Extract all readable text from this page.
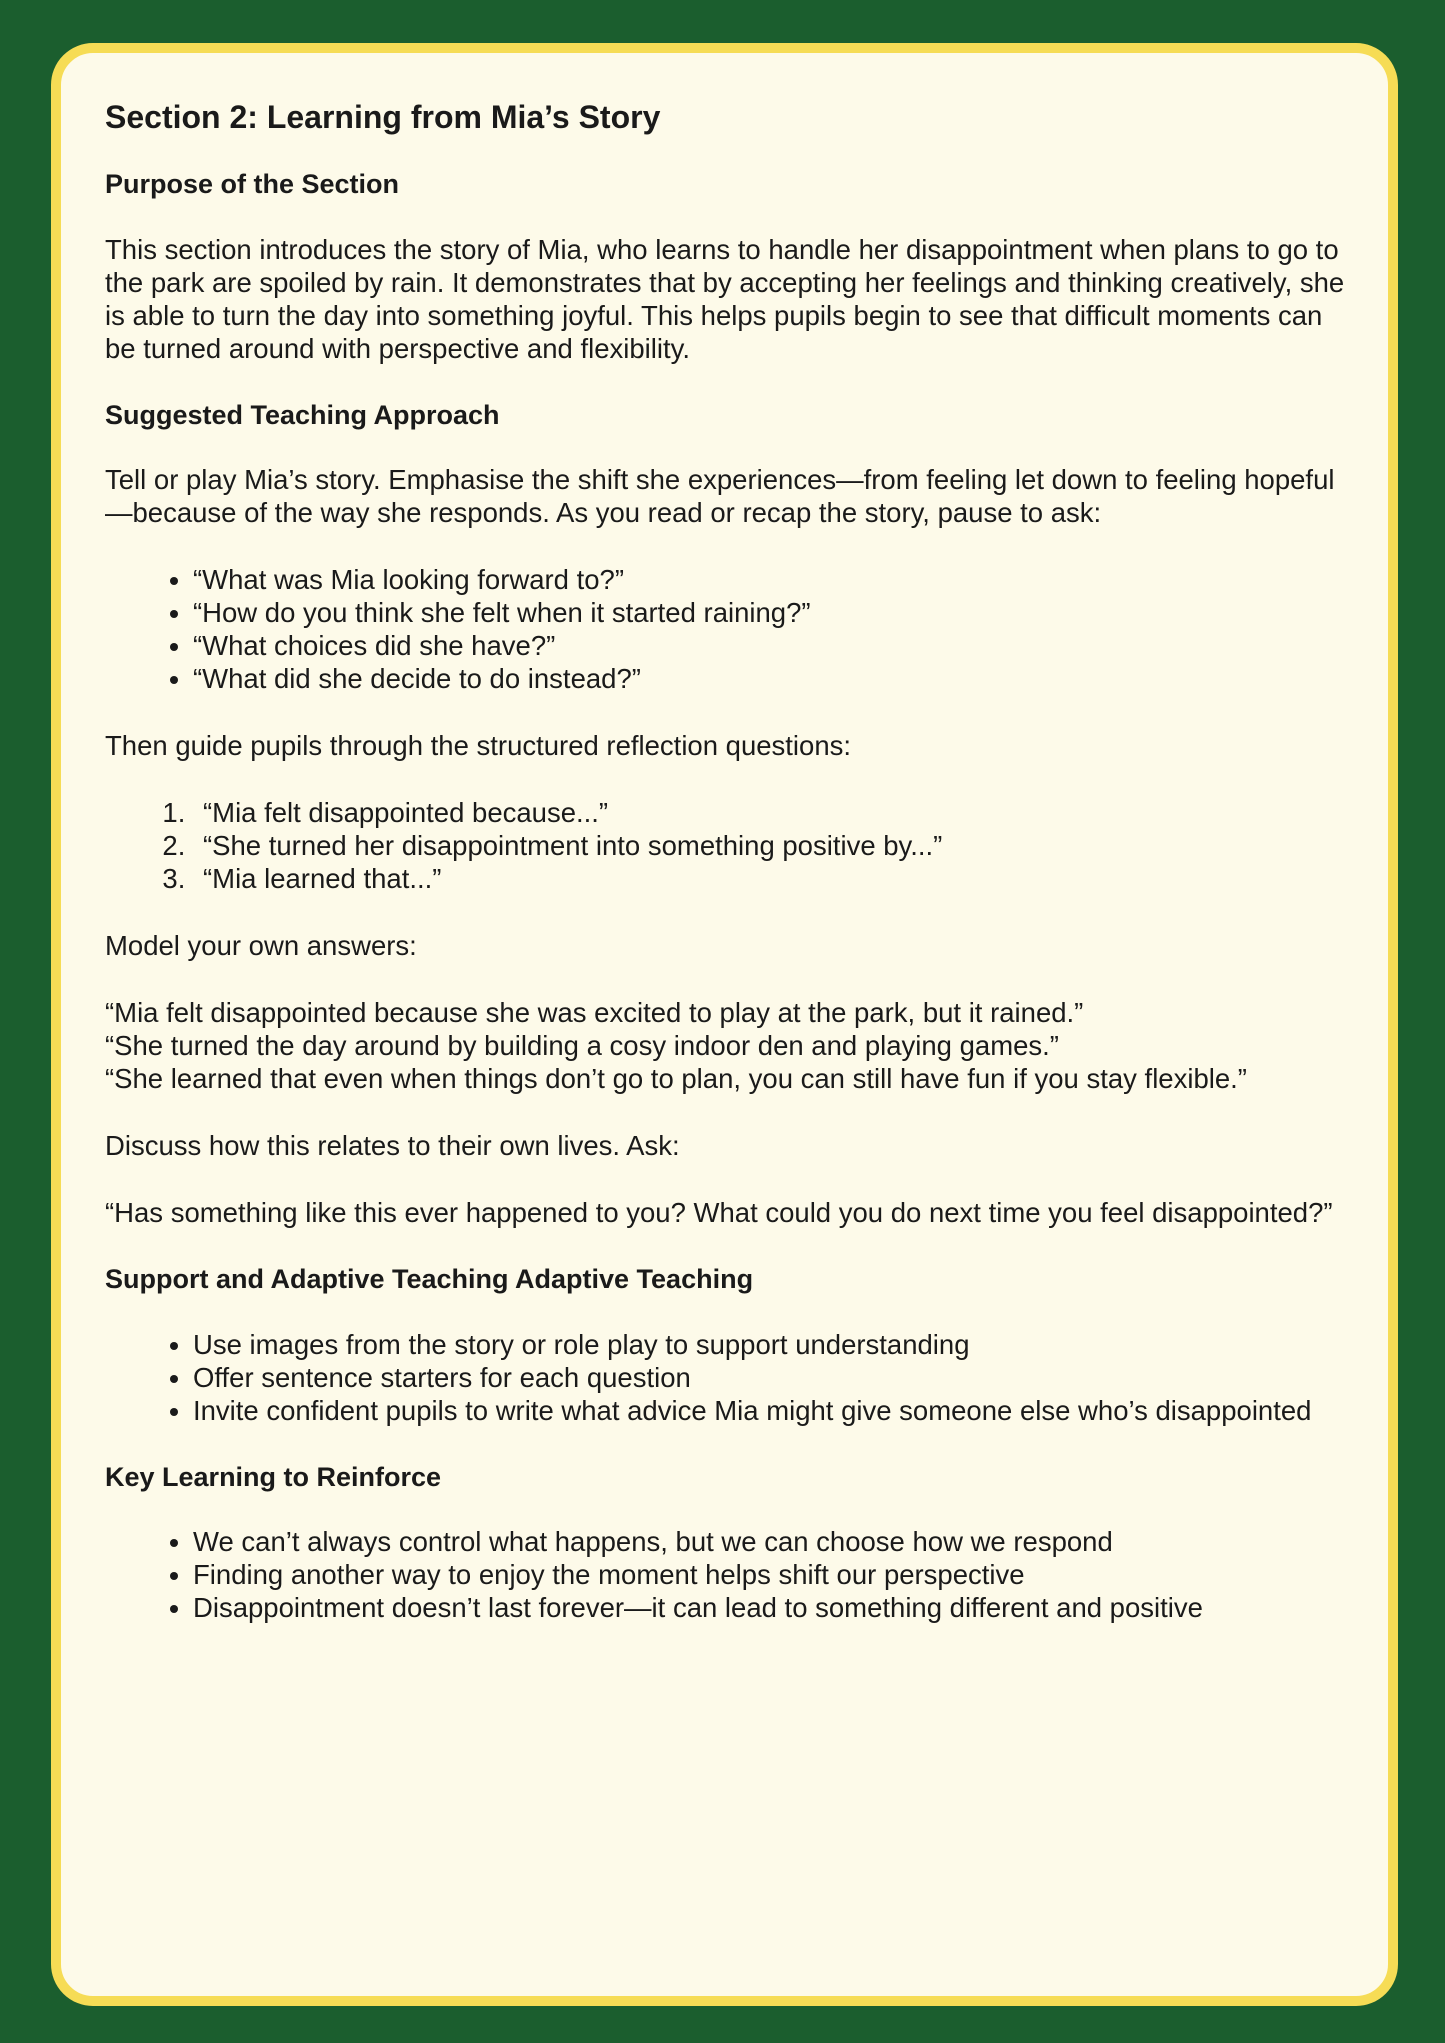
Section 2: Learning from Mia’s Story
Purpose of the Section

This section introduces the story of Mia, who learns to handle her disappointment when plans to go to the park are spoiled by rain. It demonstrates that by accepting her feelings and thinking creatively, she is able to turn the day into something joyful. This helps pupils begin to see that difficult moments can be turned around with perspective and flexibility.

Suggested Teaching Approach

Tell or play Mia’s story. Emphasise the shift she experiences—from feeling let down to feeling hopeful—because of the way she responds. As you read or recap the story, pause to ask:

• “What was Mia looking forward to?”
• “How do you think she felt when it started raining?”
• “What choices did she have?”
• “What did she decide to do instead?”

Then guide pupils through the structured reflection questions:

1. “Mia felt disappointed because...”
2. “She turned her disappointment into something positive by...”
3. “Mia learned that...”

Model your own answers:

“Mia felt disappointed because she was excited to play at the park, but it rained.”

“She turned the day around by building a cosy indoor den and playing games.”

“She learned that even when things don’t go to plan, you can still have fun if you stay flexible.”

Discuss how this relates to their own lives. Ask:

“Has something like this ever happened to you? What could you do next time you feel disappointed?”

Support and Adaptive Teaching Adaptive Teaching
• Use images from the story or role play to support understanding
• Offer sentence starters for each question
• Invite confident pupils to write what advice Mia might give someone else who’s disappointed
Key Learning to Reinforce
• We can’t always control what happens, but we can choose how we respond
• Finding another way to enjoy the moment helps shift our perspective
• Disappointment doesn’t last forever—it can lead to something different and positive
